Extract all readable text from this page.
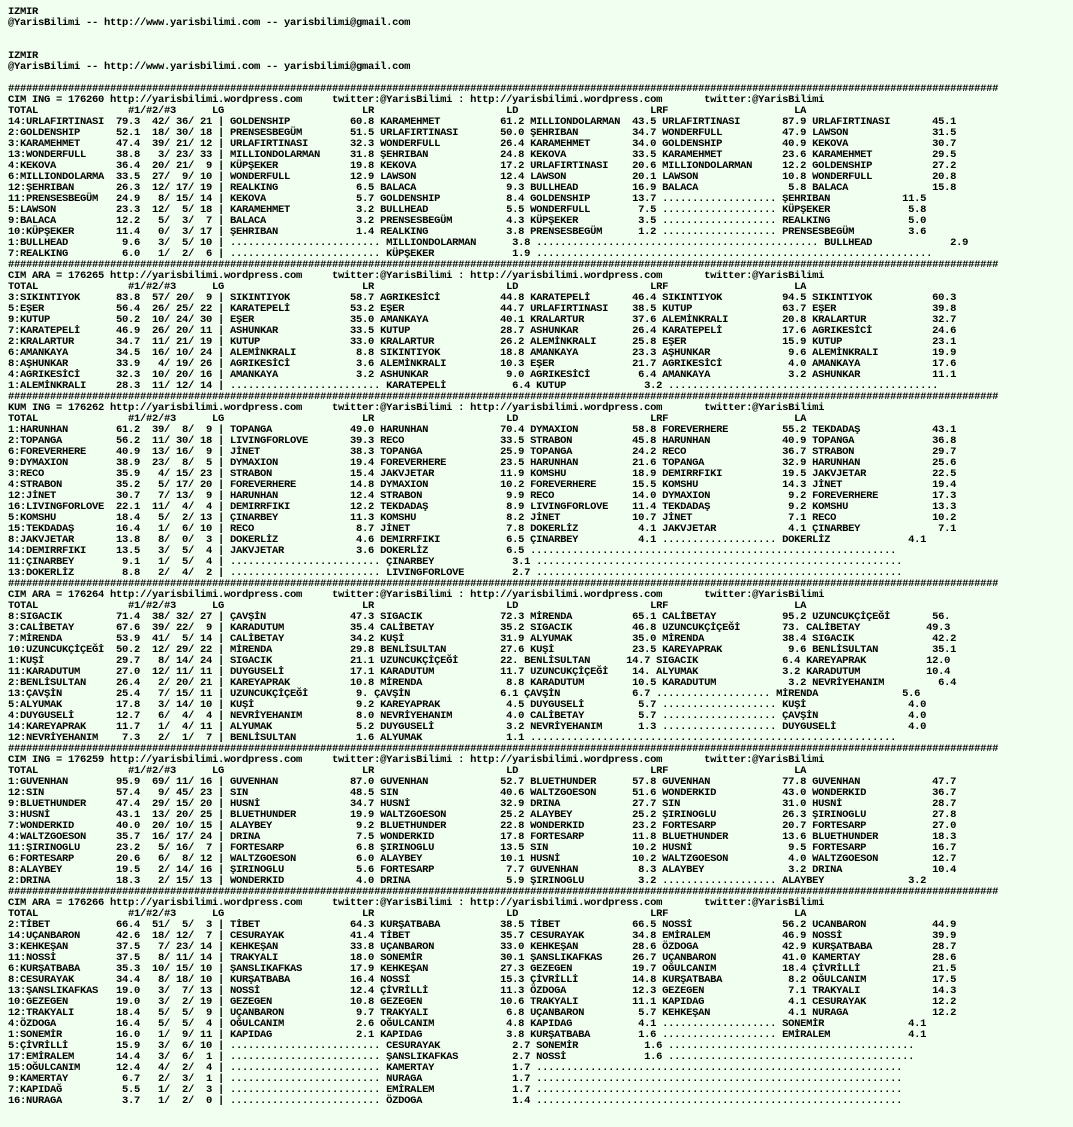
IZMIR
@YarisBilimi -- http://www.yarisbilimi.com -- yarisbilimi@gmail.com
IZMIR
@YarisBilimi -- http://www.yarisbilimi.com -- yarisbilimi@gmail.com
#####################################################################################################################################################################
CIM ING = 176260 http://yarisbilimi.wordpress.com     twitter:@YarisBilimi : http://yarisbilimi.wordpress.com       twitter:@YarisBilimi
TOTAL               #1/#2/#3      LG                       LR                      LD                      LRF                     LA
14:URLAFIRTINASI  79.3  42/ 36/ 21 | GOLDENSHIP          60.8 KARAMEHMET          61.2 MILLIONDOLARMAN  43.5 URLAFIRTINASI       87.9 URLAFIRTINASI       45.1
2:GOLDENSHIP      52.1  18/ 30/ 18 | PRENSESBEGÜM        51.5 URLAFIRTINASI       50.0 ŞEHRIBAN         34.7 WONDERFULL          47.9 LAWSON              31.5
3:KARAMEHMET      47.4  39/ 21/ 12 | URLAFIRTINASI       32.3 WONDERFULL          26.4 KARAMEHMET       34.0 GOLDENSHIP          40.9 KEKOVA              30.7
13:WONDERFULL     38.8   3/ 23/ 33 | MILLIONDOLARMAN     31.8 ŞEHRIBAN            24.8 KEKOVA           33.5 KARAMEHMET          23.6 KARAMEHMET          29.5
4:KEKOVA          36.4  20/ 21/  9 | KÜPŞEKER            19.8 KEKOVA              17.2 URLAFIRTINASI    20.6 MILLIONDOLARMAN     12.2 GOLDENSHIP          27.2
6:MILLIONDOLARMA  33.5  27/  9/ 10 | WONDERFULL          12.9 LAWSON              12.4 LAWSON           20.1 LAWSON              10.8 WONDERFULL          20.8
12:ŞEHRIBAN       26.3  12/ 17/ 19 | REALKING             6.5 BALACA               9.3 BULLHEAD         16.9 BALACA               5.8 BALACA              15.8
11:PRENSESBEGÜM   24.9   8/ 15/ 14 | KEKOVA               5.7 GOLDENSHIP           8.4 GOLDENSHIP       13.7 ................... ŞEHRIBAN            11.5
5:LAWSON          23.3  12/  5/ 18 | KARAMEHMET           3.2 BULLHEAD             5.5 WONDERFULL        7.5 ................... KÜPŞEKER             5.8
9:BALACA          12.2   5/  3/  7 | BALACA               3.2 PRENSESBEGÜM         4.3 KÜPŞEKER          3.5 ................... REALKING             5.0
10:KÜPŞEKER       11.4   0/  3/ 17 | ŞEHRIBAN             1.4 REALKING             3.8 PRENSESBEGÜM      1.2 ................... PRENSESBEGÜM         3.6
1:BULLHEAD         9.6   3/  5/ 10 | ......................... MILLIONDOLARMAN      3.8 ............................................... BULLHEAD             2.9
7:REALKING         6.0   1/  2/  6 | ......................... KÜPŞEKER             1.9 ..................................................................
#####################################################################################################################################################################
CIM ARA = 176265 http://yarisbilimi.wordpress.com     twitter:@YarisBilimi : http://yarisbilimi.wordpress.com       twitter:@YarisBilimi
TOTAL               #1/#2/#3      LG                       LR                      LD                      LRF                     LA
3:SIKINTIYOK      83.8  57/ 20/  9 | SIKINTIYOK          58.7 AGRIKESİCİ          44.8 KARATEPELİ       46.4 SIKINTIYOK          94.5 SIKINTIYOK          60.3
5:EŞER            56.4  26/ 25/ 22 | KARATEPELİ          53.2 EŞER                44.7 URLAFIRTINASI    38.5 KUTUP               63.7 EŞER                39.8
9:KUTUP           50.2  10/ 24/ 30 | EŞER                35.0 AMANKAYA            40.1 KRALARTUR        37.6 ALEMİNKRALI         20.8 KRALARTUR           32.7
7:KARATEPELİ      46.9  26/ 20/ 11 | ASHUNKAR            33.5 KUTUP               28.7 ASHUNKAR         26.4 KARATEPELİ          17.6 AGRIKESİCİ          24.6
2:KRALARTUR       34.7  11/ 21/ 19 | KUTUP               33.0 KRALARTUR           26.2 ALEMİNKRALI      25.8 EŞER                15.9 KUTUP               23.1
6:AMANKAYA        34.5  16/ 10/ 24 | ALEMİNKRALI          8.8 SIKINTIYOK          18.8 AMANKAYA         23.3 AŞHUNKAR             9.6 ALEMİNKRALI         19.9
8:AŞHUNKAR        33.9   4/ 19/ 26 | AGRIKESİCİ           3.6 ALEMİNKRALI         10.3 EŞER             21.7 AGRIKESİCİ           4.0 AMANKAYA            17.6
4:AGRIKESİCİ      32.3  10/ 20/ 16 | AMANKAYA             3.2 ASHUNKAR             9.0 AGRIKESİCİ        6.4 AMANKAYA             3.2 ASHUNKAR            11.1
1:ALEMİNKRALI     28.3  11/ 12/ 14 | ......................... KARATEPELİ           6.4 KUTUP             3.2 .............................................
#####################################################################################################################################################################
KUM ING = 176262 http://yarisbilimi.wordpress.com     twitter:@YarisBilimi : http://yarisbilimi.wordpress.com       twitter:@YarisBilimi
TOTAL               #1/#2/#3      LG                       LR                      LD                      LRF                     LA
1:HARUNHAN        61.2  39/  8/  9 | TOPANGA             49.0 HARUNHAN            70.4 DYMAXION         58.8 FOREVERHERE         55.2 TEKDADAŞ            43.1
2:TOPANGA         56.2  11/ 30/ 18 | LIVINGFORLOVE       39.3 RECO                33.5 STRABON          45.8 HARUNHAN            40.9 TOPANGA             36.8
6:FOREVERHERE     40.9  13/ 16/  9 | JİNET               38.3 TOPANGA             25.9 TOPANGA          24.2 RECO                36.7 STRABON             29.7
9:DYMAXION        38.9  23/  8/  5 | DYMAXION            19.4 FOREVERHERE         23.5 HARUNHAN         21.6 TOPANGA             32.9 HARUNHAN            25.6
3:RECO            35.9   4/ 15/ 23 | STRABON             15.4 JAKVJETAR           11.9 KOMSHU           18.9 DEMIRRFIKI          19.5 JAKVJETAR           22.5
4:STRABON         35.2   5/ 17/ 20 | FOREVERHERE         14.8 DYMAXION            10.2 FOREVERHERE      15.5 KOMSHU              14.3 JİNET               19.4
12:JİNET          30.7   7/ 13/  9 | HARUNHAN            12.4 STRABON              9.9 RECO             14.0 DYMAXION             9.2 FOREVERHERE         17.3
16:LIVINGFORLOVE  22.1  11/  4/  4 | DEMIRRFIKI          12.2 TEKDADAŞ             8.9 LIVINGFORLOVE    11.4 TEKDADAŞ             9.2 KOMSHU              13.3
5:KOMSHU          18.4   5/  2/ 13 | ÇINARBEY            11.3 KOMSHU               8.2 JİNET            10.7 JİNET                7.1 RECO                10.2
15:TEKDADAŞ       16.4   1/  6/ 10 | RECO                 8.7 JİNET                7.8 DOKERLİZ          4.1 JAKVJETAR            4.1 ÇINARBEY             7.1
8:JAKVJETAR       13.8   8/  0/  3 | DOKERLİZ             4.6 DEMIRRFIKI           6.5 ÇINARBEY          4.1 ................... DOKERLİZ             4.1
14:DEMIRRFIKI     13.5   3/  5/  4 | JAKVJETAR            3.6 DOKERLİZ             6.5 .............................................................
11:ÇINARBEY        9.1   1/  5/  4 | ......................... ÇINARBEY             3.1 .............................................................
13:DOKERLİZ        8.8   2/  4/  2 | ......................... LIVINGFORLOVE        2.7 .............................................................
#####################################################################################################################################################################
CIM ARA = 176264 http://yarisbilimi.wordpress.com     twitter:@YarisBilimi : http://yarisbilimi.wordpress.com       twitter:@YarisBilimi
TOTAL               #1/#2/#3      LG                       LR                      LD                      LRF                     LA
8:SIGACIK         71.4  38/ 32/ 27 | ÇAVŞİN              47.3 SIGACIK             72.3 MİRENDA          65.1 CALİBETAY           95.2 UZUNCUKÇİÇEĞİ       56.
3:CALİBETAY       67.6  39/ 22/  9 | KARADUTUM           35.4 CALİBETAY           35.2 SIGACIK          46.8 UZUNCUKÇİÇEĞİ       73. CALİBETAY           49.3
7:MİRENDA         53.9  41/  5/ 14 | CALİBETAY           34.2 KUŞİ                31.9 ALYUMAK          35.0 MİRENDA             38.4 SIGACIK             42.2
10:UZUNCUKÇİÇEĞİ  50.2  12/ 29/ 22 | MİRENDA             29.8 BENLİSULTAN         27.6 KUŞİ             23.5 KAREYAPRAK           9.6 BENLİSULTAN         35.1
1:KUŞİ            29.7   8/ 14/ 24 | SIGACIK             21.1 UZUNCUKÇİÇEĞİ       22. BENLİSULTAN      14.7 SIGACIK              6.4 KAREYAPRAK          12.0
11:KARADUTUM      27.0  12/ 11/ 11 | DUYGUSELİ           17.1 KARADUTUM           11.7 UZUNCUKÇİÇEĞİ    14. ALYUMAK              3.2 KARADUTUM           10.4
2:BENLİSULTAN     26.4   2/ 20/ 21 | KAREYAPRAK          10.8 MİRENDA              8.8 KARADUTUM        10.5 KARADUTUM            3.2 NEVRİYEHANIM         6.4
13:ÇAVŞİN         25.4   7/ 15/ 11 | UZUNCUKÇİÇEĞİ        9. ÇAVŞİN               6.1 ÇAVŞİN            6.7 ................... MİRENDA              5.6
5:ALYUMAK         17.8   3/ 14/ 10 | KUŞİ                 9.2 KAREYAPRAK           4.5 DUYGUSELİ         5.7 ................... KUŞİ                 4.0
4:DUYGUSELİ       12.7   6/  4/  4 | NEVRİYEHANIM         8.0 NEVRİYEHANIM         4.0 CALİBETAY         5.7 ................... ÇAVŞİN               4.0
14:KAREYAPRAK     11.7   1/  4/ 11 | ALYUMAK              5.2 DUYGUSELİ            3.2 NEVRİYEHANIM      1.3 ................... DUYGUSELİ            4.0
12:NEVRİYEHANIM    7.3   2/  1/  7 | BENLİSULTAN          1.6 ALYUMAK              1.1 .............................................................
#####################################################################################################################################################################
CIM ING = 176259 http://yarisbilimi.wordpress.com     twitter:@YarisBilimi : http://yarisbilimi.wordpress.com       twitter:@YarisBilimi
TOTAL               #1/#2/#3      LG                       LR                      LD                      LRF                     LA
1:GUVENHAN        95.9  69/ 11/ 16 | GUVENHAN            87.0 GUVENHAN            52.7 BLUETHUNDER      57.8 GUVENHAN            77.8 GUVENHAN            47.7
12:SIN            57.4   9/ 45/ 23 | SIN                 48.5 SIN                 40.6 WALTZGOESON      51.6 WONDERKID           43.0 WONDERKID           36.7
9:BLUETHUNDER     47.4  29/ 15/ 20 | HUSNİ               34.7 HUSNİ               32.9 DRINA            27.7 SIN                 31.0 HUSNİ               28.7
3:HUSNİ           43.1  13/ 20/ 25 | BLUETHUNDER         19.9 WALTZGOESON         25.2 ALAYBEY          25.2 ŞIRINOGLU           26.3 ŞIRINOGLU           27.8
7:WONDERKID       40.0  20/ 10/ 15 | ALAYBEY              9.2 BLUETHUNDER         22.8 WONDERKID        23.2 FORTESARP           20.7 FORTESARP           27.0
4:WALTZGOESON     35.7  16/ 17/ 24 | DRINA                7.5 WONDERKID           17.8 FORTESARP        11.8 BLUETHUNDER         13.6 BLUETHUNDER         18.3
11:ŞIRINOGLU      23.2   5/ 16/  7 | FORTESARP            6.8 ŞIRINOGLU           13.5 SIN              10.2 HUSNİ                9.5 FORTESARP           16.7
6:FORTESARP       20.6   6/  8/ 12 | WALTZGOESON          6.0 ALAYBEY             10.1 HUSNİ            10.2 WALTZGOESON          4.0 WALTZGOESON         12.7
8:ALAYBEY         19.5   2/ 14/ 16 | ŞIRINOGLU            5.6 FORTESARP            7.7 GUVENHAN          8.3 ALAYBEY              3.2 DRINA               10.4
2:DRINA           18.3   2/ 15/ 13 | WONDERKID            4.0 DRINA                5.9 ŞIRINOGLU         3.2 ................... ALAYBEY              3.2
#####################################################################################################################################################################
CIM ARA = 176266 http://yarisbilimi.wordpress.com     twitter:@YarisBilimi : http://yarisbilimi.wordpress.com       twitter:@YarisBilimi
TOTAL               #1/#2/#3      LG                       LR                      LD                      LRF                     LA
2:TİBET           66.4  51/  5/  3 | TİBET               64.3 KURŞATBABA          38.5 TİBET            66.5 NOSSİ               56.2 UCANBARON           44.9
14:UÇANBARON      42.6  18/ 12/  7 | CESURAYAK           41.4 TİBET               35.7 CESURAYAK        34.8 EMİRALEM            46.9 NOSSİ               39.9
3:KEHKEŞAN        37.5   7/ 23/ 14 | KEHKEŞAN            33.8 UÇANBARON           33.0 KEHKEŞAN         28.6 ÖZDOGA              42.9 KURŞATBABA          28.7
11:NOSSİ          37.5   8/ 11/ 14 | TRAKYALI            18.0 SONEMİR             30.1 ŞANSLIKAFKAS     26.7 UÇANBARON           41.0 KAMERTAY            28.6
6:KURŞATBABA      35.3  10/ 15/ 10 | ŞANSLIKAFKAS        17.9 KEHKEŞAN            27.3 GEZEGEN          19.7 OĞULCANIM           18.4 ÇİVRİLLİ            21.5
8:CESURAYAK       34.4   8/ 18/ 10 | KURŞATBABA          16.4 NOSSİ               15.3 ÇİVRİLLİ         14.8 KURŞATBABA           8.2 OĞULCANIM           17.5
13:ŞANSLIKAFKAS   19.0   3/  7/ 13 | NOSSİ               12.4 ÇİVRİLLİ            11.3 ÖZDOGA           12.3 GEZEGEN              7.1 TRAKYALI            14.3
10:GEZEGEN        19.0   3/  2/ 19 | GEZEGEN             10.8 GEZEGEN             10.6 TRAKYALI         11.1 KAPIDAG              4.1 CESURAYAK           12.2
12:TRAKYALI       18.4   5/  5/  9 | UÇANBARON            9.7 TRAKYALI             6.8 UÇANBARON         5.7 KEHKEŞAN             4.1 NURAGA              12.2
4:ÖZDOGA          16.4   5/  5/  4 | OĞULCANIM            2.6 OĞULCANIM            4.8 KAPIDAG           4.1 ................... SONEMİR              4.1
1:SONEMİR         16.0   1/  9/ 11 | KAPIDAG              2.1 KAPIDAG              3.8 KURŞATBABA        1.6 ................... EMİRALEM             4.1
5:ÇİVRİLLİ        15.9   3/  6/ 10 | ......................... CESURAYAK            2.7 SONEMİR           1.6 .........................................
17:EMİRALEM       14.4   3/  6/  1 | ......................... ŞANSLIKAFKAS         2.7 NOSSİ             1.6 .........................................
15:OĞULCANIM      12.4   4/  2/  4 | ......................... KAMERTAY             1.7 .............................................................
9:KAMERTAY         6.7   2/  3/  1 | ......................... NURAGA               1.7 .............................................................
7:KAPIDAĞ          5.5   1/  2/  3 | ......................... EMİRALEM             1.7 .............................................................
16:NURAGA          3.7   1/  2/  0 | ......................... ÖZDOGA               1.4 .............................................................
